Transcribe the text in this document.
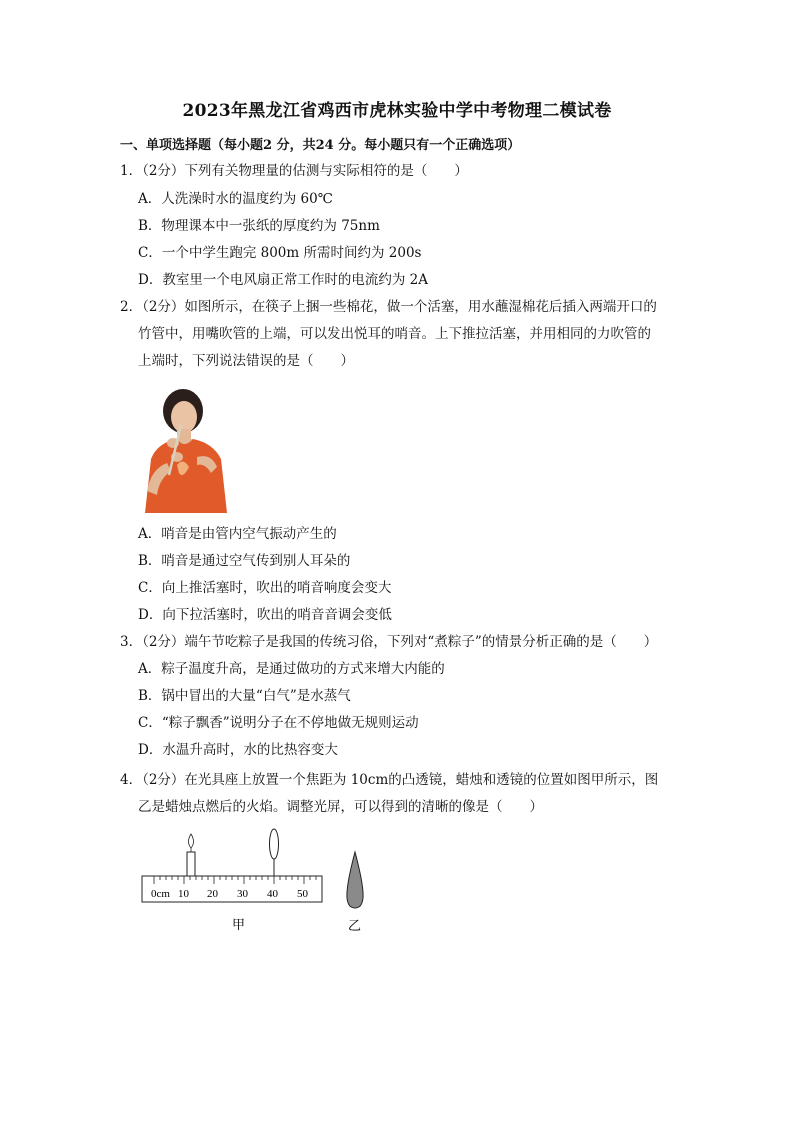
2023年黑龙江省鸡西市虎林实验中学中考物理二模试卷
一、单项选择题（每小题2 分，共24 分。每小题只有一个正确选项）
1．（2分）下列有关物理量的估测与实际相符的是（　　）
A．人洗澡时水的温度约为 60℃
B．物理课本中一张纸的厚度约为 75nm
C．一个中学生跑完 800m 所需时间约为 200s
D．教室里一个电风扇正常工作时的电流约为 2A
2．（2分）如图所示，在筷子上捆一些棉花，做一个活塞，用水蘸湿棉花后插入两端开口的
竹管中，用嘴吹管的上端，可以发出悦耳的哨音。上下推拉活塞，并用相同的力吹管的
上端时，下列说法错误的是（　　）
A．哨音是由管内空气振动产生的
B．哨音是通过空气传到别人耳朵的
C．向上推活塞时，吹出的哨音响度会变大
D．向下拉活塞时，吹出的哨音音调会变低
3．（2分）端午节吃粽子是我国的传统习俗，下列对“煮粽子”的情景分析正确的是（　　）
A．粽子温度升高，是通过做功的方式来增大内能的
B．锅中冒出的大量“白气”是水蒸气
C．“粽子飘香”说明分子在不停地做无规则运动
D．水温升高时，水的比热容变大
4．（2分）在光具座上放置一个焦距为 10cm的凸透镜，蜡烛和透镜的位置如图甲所示，图
乙是蜡烛点燃后的火焰。调整光屏，可以得到的清晰的像是（　　）
0cm 10 20 30 40 50
甲	乙
